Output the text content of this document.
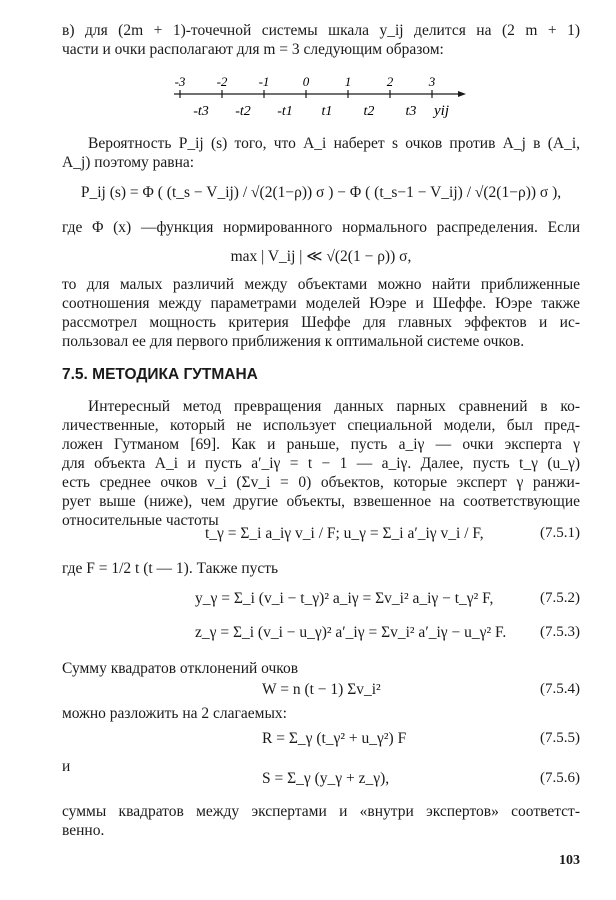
в) для (2m + 1)-точечной системы шкала y_ij делится на (2 m + 1)
части и очки располагают для m = 3 следующим образом:
-3 -2 -1	0	1	2	3
-t3 -t2 -t1 t1 t2 t3 yij
Вероятность P_ij (s) того, что A_i наберет s очков против A_j в (A_i,
A_j) поэтому равна:
P_ij (s) = Φ ( (t_s − V_ij) / √(2(1−ρ)) σ ) − Φ ( (t_s−1 − V_ij) / √(2(1−ρ)) σ ),
где Φ (x) —функция нормированного нормального распределения. Если
max | V_ij | ≪ √(2(1 − ρ)) σ,
то для малых различий между объектами можно найти приближенные
соотношения между параметрами моделей Юэре и Шеффе. Юэре также
рассмотрел мощность критерия Шеффе для главных эффектов и ис-
пользовал ее для первого приближения к оптимальной системе очков.
7.5. МЕТОДИКА ГУТМАНА
Интересный метод превращения данных парных сравнений в ко-
личественные, который не использует специальной модели, был пред-
ложен Гутманом [69]. Как и раньше, пусть a_iγ — очки эксперта γ
для объекта A_i и пусть a′_iγ = t − 1 — a_iγ. Далее, пусть t_γ (u_γ)
есть среднее очков v_i (Σv_i = 0) объектов, которые эксперт γ ранжи-
рует выше (ниже), чем другие объекты, взвешенное на соответствующие
относительные частоты
t_γ = Σ_i a_iγ v_i / F; u_γ = Σ_i a′_iγ v_i / F,	(7.5.1)
где F = 1/2 t (t — 1). Также пусть
y_γ = Σ_i (v_i − t_γ)² a_iγ = Σv_i² a_iγ − t_γ² F,	(7.5.2)
z_γ = Σ_i (v_i − u_γ)² a′_iγ = Σv_i² a′_iγ − u_γ² F. (7.5.3)
Сумму квадратов отклонений очков
W = n (t − 1) Σv_i²	(7.5.4)
можно разложить на 2 слагаемых:
R = Σ_γ (t_γ² + u_γ²) F	(7.5.5)
и
S = Σ_γ (y_γ + z_γ),	(7.5.6)
суммы квадратов между экспертами и «внутри экспертов» соответст-
венно.
103
